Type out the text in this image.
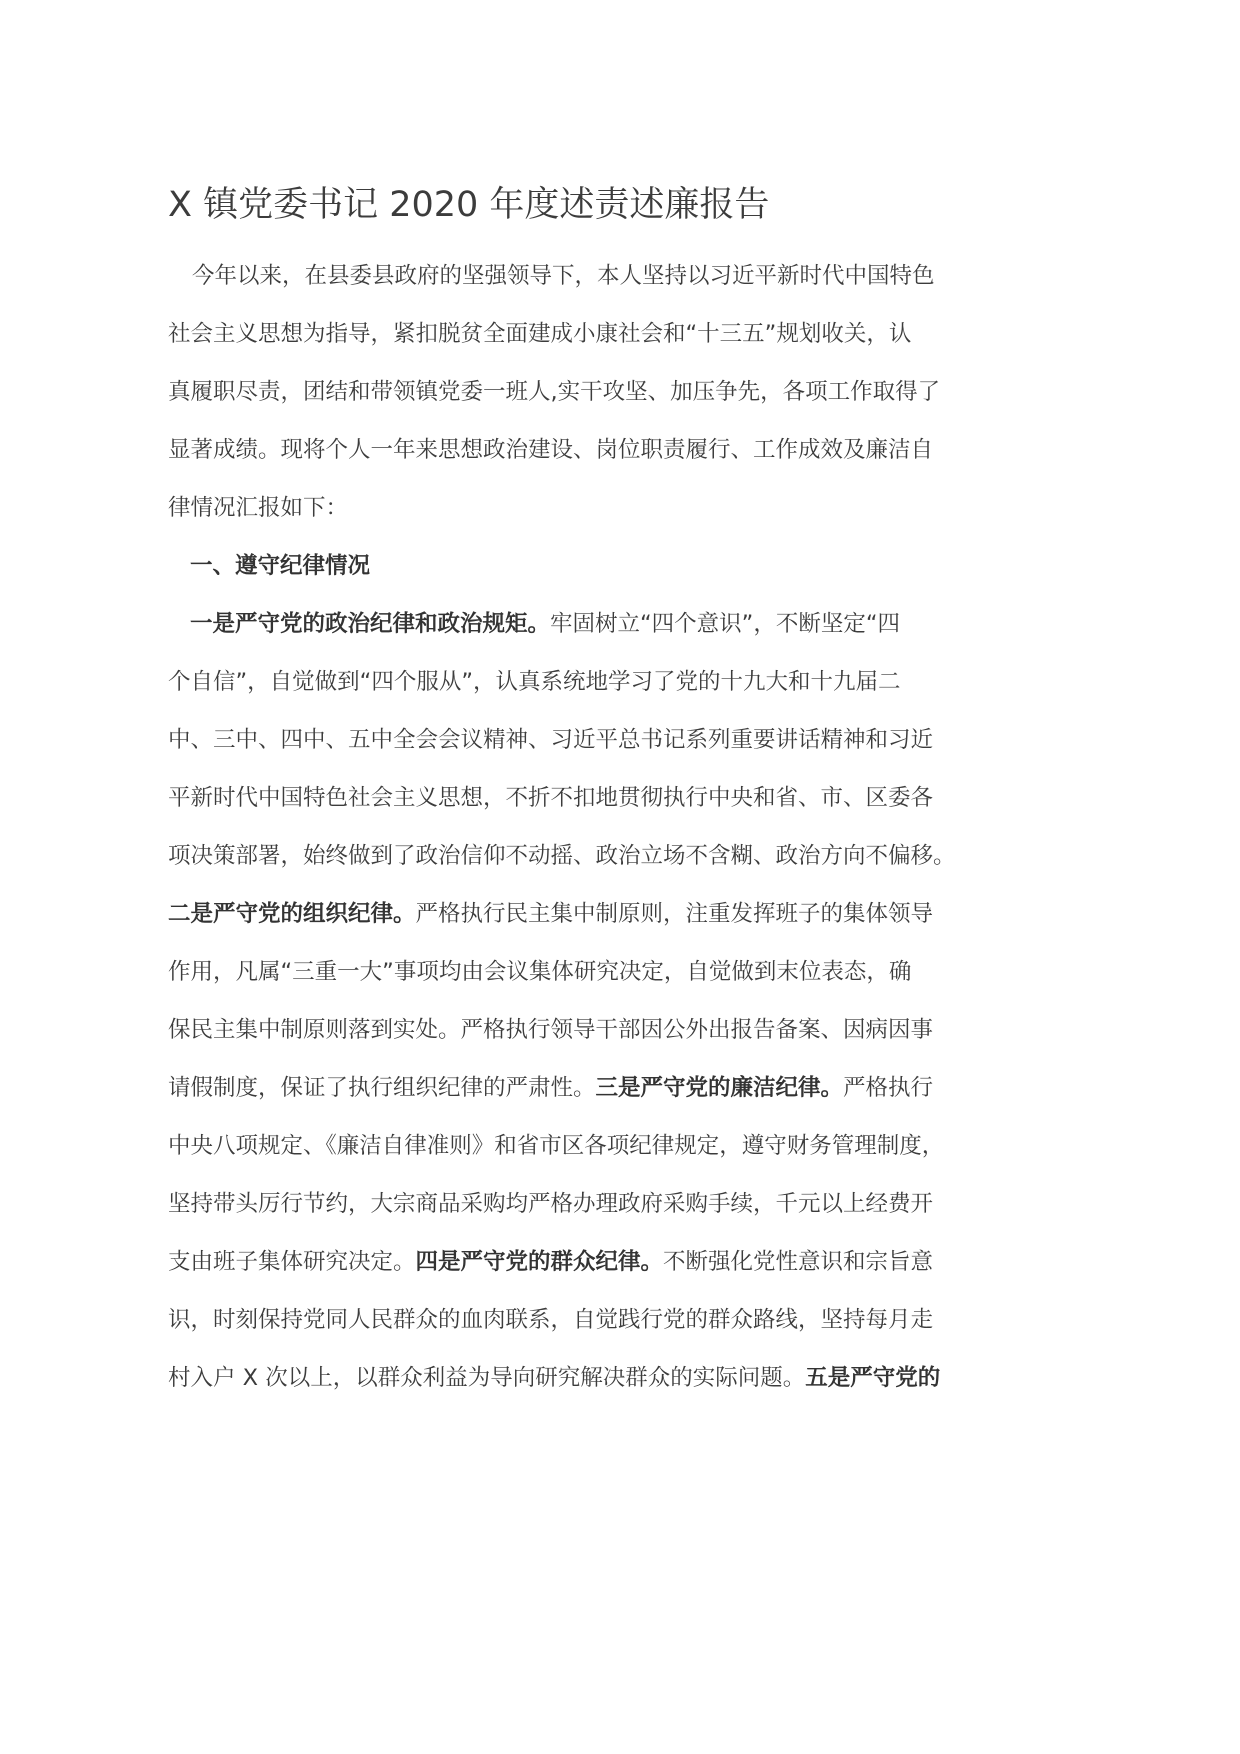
X 镇党委书记 2020 年度述责述廉报告
今年以来，在县委县政府的坚强领导下，本人坚持以习近平新时代中国特色
社会主义思想为指导，紧扣脱贫全面建成小康社会和“十三五”规划收关，认
真履职尽责，团结和带领镇党委一班人,实干攻坚、加压争先，各项工作取得了
显著成绩。现将个人一年来思想政治建设、岗位职责履行、工作成效及廉洁自
律情况汇报如下：
一、遵守纪律情况
一是严守党的政治纪律和政治规矩。牢固树立“四个意识”，不断坚定“四
个自信”，自觉做到“四个服从”，认真系统地学习了党的十九大和十九届二
中、三中、四中、五中全会会议精神、习近平总书记系列重要讲话精神和习近
平新时代中国特色社会主义思想，不折不扣地贯彻执行中央和省、市、区委各
项决策部署，始终做到了政治信仰不动摇、政治立场不含糊、政治方向不偏移。
二是严守党的组织纪律。严格执行民主集中制原则，注重发挥班子的集体领导
作用，凡属“三重一大”事项均由会议集体研究决定，自觉做到末位表态，确
保民主集中制原则落到实处。严格执行领导干部因公外出报告备案、因病因事
请假制度，保证了执行组织纪律的严肃性。三是严守党的廉洁纪律。严格执行
中央八项规定、《廉洁自律准则》和省市区各项纪律规定，遵守财务管理制度，
坚持带头厉行节约，大宗商品采购均严格办理政府采购手续，千元以上经费开
支由班子集体研究决定。四是严守党的群众纪律。不断强化党性意识和宗旨意
识，时刻保持党同人民群众的血肉联系，自觉践行党的群众路线，坚持每月走
村入户 X 次以上，以群众利益为导向研究解决群众的实际问题。五是严守党的
